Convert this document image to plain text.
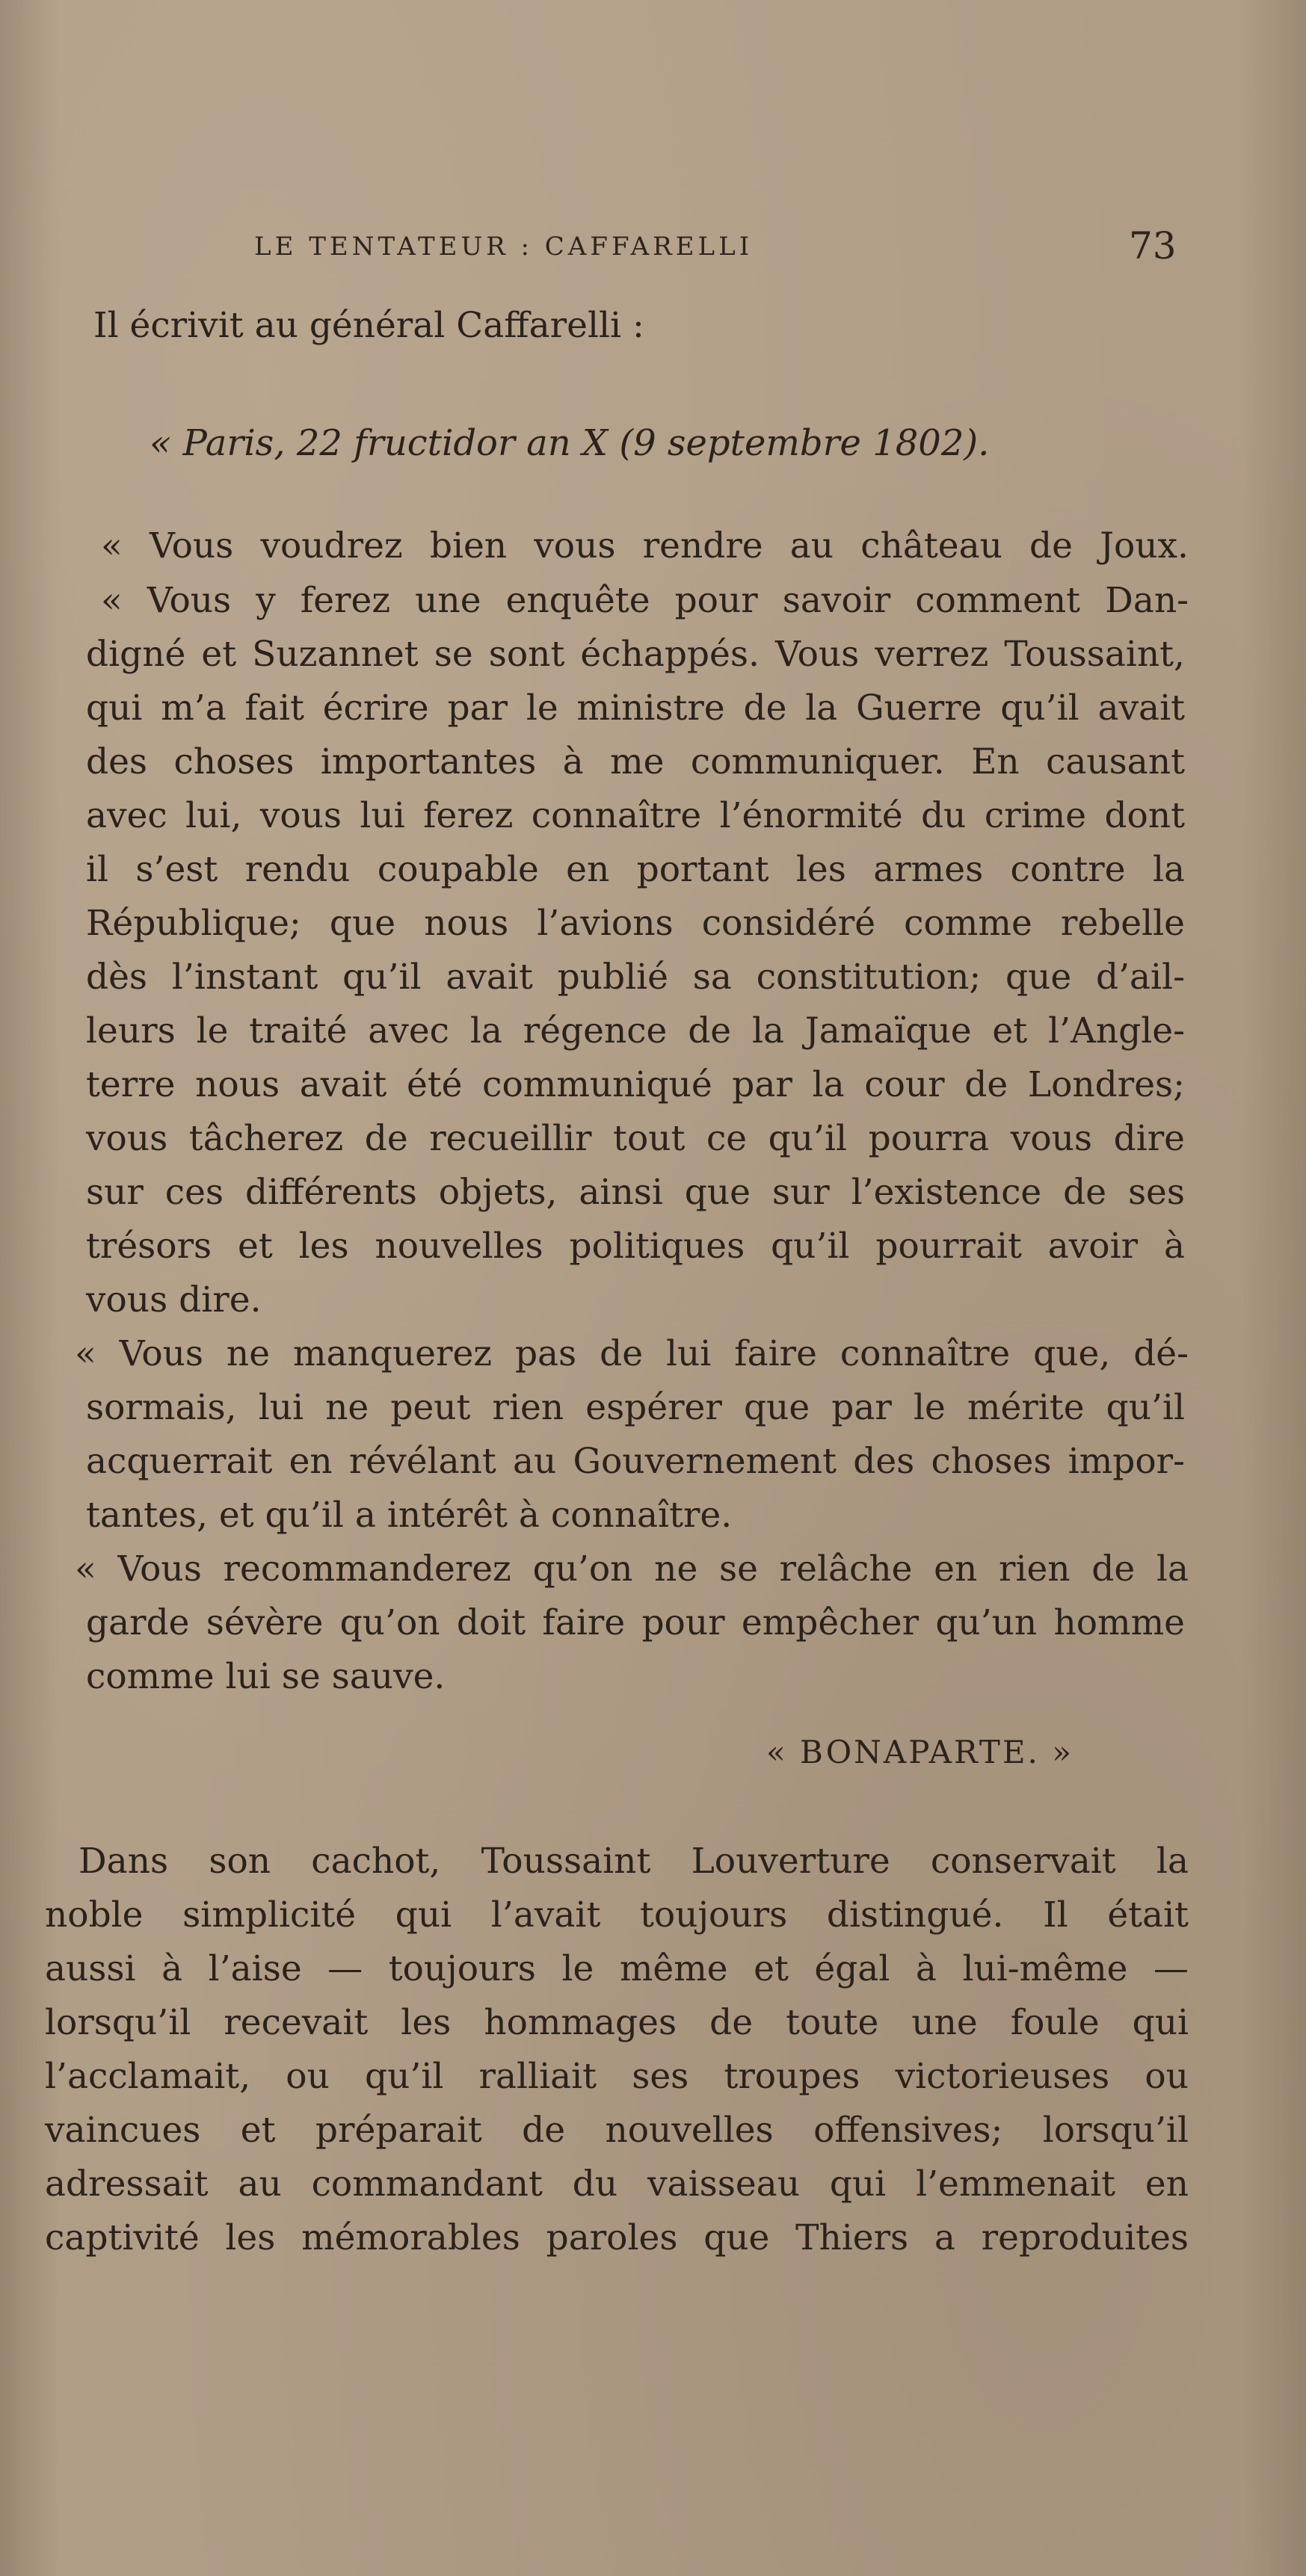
LE TENTATEUR : CAFFARELLI	73
Il écrivit au général Caffarelli :
« Paris, 22 fructidor an X (9 septembre 1802).
« Vous voudrez bien vous rendre au château de Joux.
« Vous y ferez une enquête pour savoir comment Dan-
digné et Suzannet se sont échappés. Vous verrez Toussaint,
qui m’a fait écrire par le ministre de la Guerre qu’il avait
des choses importantes à me communiquer. En causant
avec lui, vous lui ferez connaître l’énormité du crime dont
il s’est rendu coupable en portant les armes contre la
République; que nous l’avions considéré comme rebelle
dès l’instant qu’il avait publié sa constitution; que d’ail-
leurs le traité avec la régence de la Jamaïque et l’Angle-
terre nous avait été communiqué par la cour de Londres;
vous tâcherez de recueillir tout ce qu’il pourra vous dire
sur ces différents objets, ainsi que sur l’existence de ses
trésors et les nouvelles politiques qu’il pourrait avoir à
vous dire.
« Vous ne manquerez pas de lui faire connaître que, dé-
sormais, lui ne peut rien espérer que par le mérite qu’il
acquerrait en révélant au Gouvernement des choses impor-
tantes, et qu’il a intérêt à connaître.
« Vous recommanderez qu’on ne se relâche en rien de la
garde sévère qu’on doit faire pour empêcher qu’un homme
comme lui se sauve.
« BONAPARTE. »
Dans son cachot, Toussaint Louverture conservait la
noble simplicité qui l’avait toujours distingué. Il était
aussi à l’aise — toujours le même et égal à lui-même —
lorsqu’il recevait les hommages de toute une foule qui
l’acclamait, ou qu’il ralliait ses troupes victorieuses ou
vaincues et préparait de nouvelles offensives; lorsqu’il
adressait au commandant du vaisseau qui l’emmenait en
captivité les mémorables paroles que Thiers a reproduites
